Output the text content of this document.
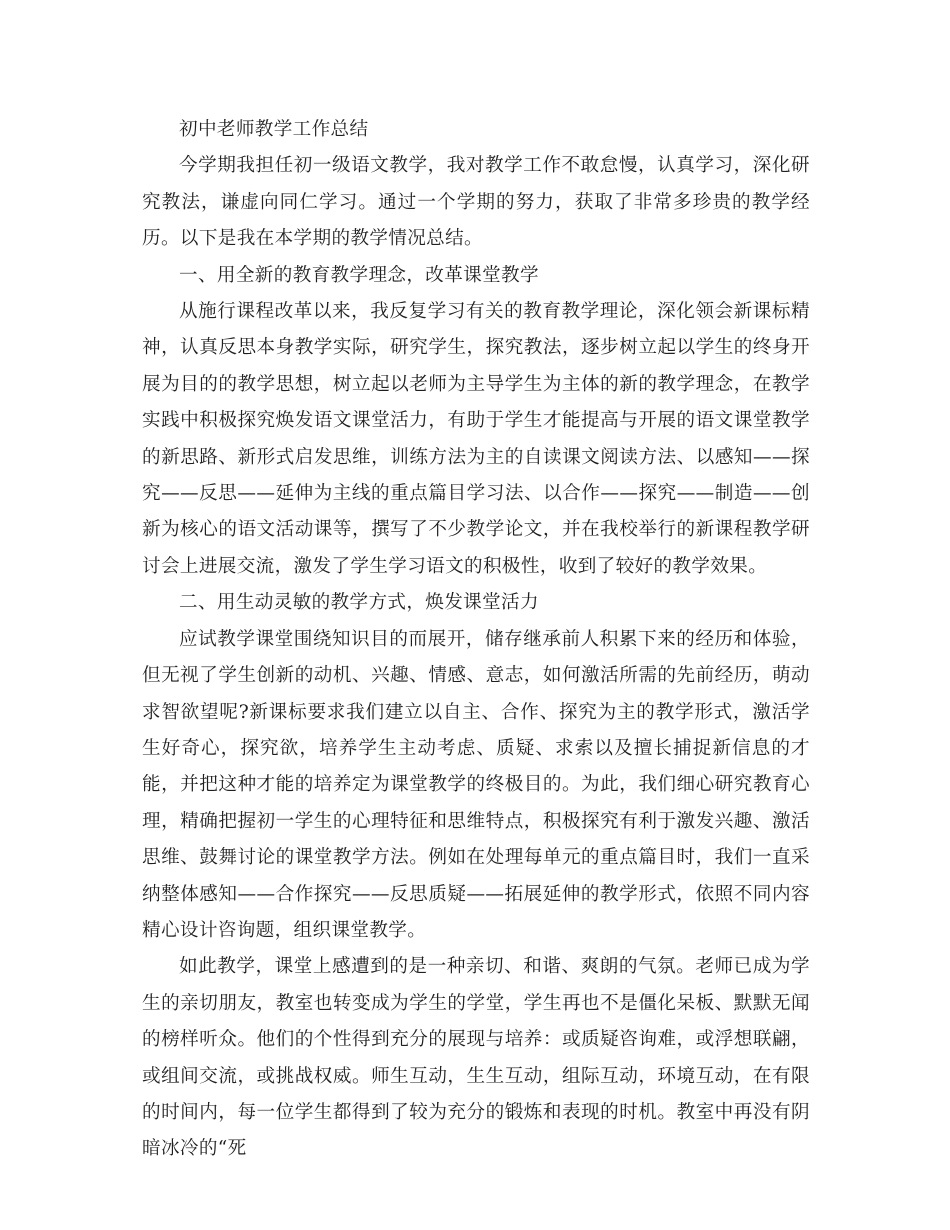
初中老师教学工作总结

今学期我担任初一级语文教学，我对教学工作不敢怠慢，认真学习，深化研究教法，谦虚向同仁学习。通过一个学期的努力，获取了非常多珍贵的教学经历。以下是我在本学期的教学情况总结。

一、用全新的教育教学理念，改革课堂教学

从施行课程改革以来，我反复学习有关的教育教学理论，深化领会新课标精神，认真反思本身教学实际，研究学生，探究教法，逐步树立起以学生的终身开展为目的的教学思想，树立起以老师为主导学生为主体的新的教学理念，在教学实践中积极探究焕发语文课堂活力，有助于学生才能提高与开展的语文课堂教学的新思路、新形式启发思维，训练方法为主的自读课文阅读方法、以感知——探究——反思——延伸为主线的重点篇目学习法、以合作——探究——制造——创新为核心的语文活动课等，撰写了不少教学论文，并在我校举行的新课程教学研讨会上进展交流，激发了学生学习语文的积极性，收到了较好的教学效果。

二、用生动灵敏的教学方式，焕发课堂活力

应试教学课堂围绕知识目的而展开，储存继承前人积累下来的经历和体验，但无视了学生创新的动机、兴趣、情感、意志，如何激活所需的先前经历，萌动求智欲望呢?新课标要求我们建立以自主、合作、探究为主的教学形式，激活学生好奇心，探究欲，培养学生主动考虑、质疑、求索以及擅长捕捉新信息的才能，并把这种才能的培养定为课堂教学的终极目的。为此，我们细心研究教育心理，精确把握初一学生的心理特征和思维特点，积极探究有利于激发兴趣、激活思维、鼓舞讨论的课堂教学方法。例如在处理每单元的重点篇目时，我们一直采纳整体感知——合作探究——反思质疑——拓展延伸的教学形式，依照不同内容精心设计咨询题，组织课堂教学。

如此教学，课堂上感遭到的是一种亲切、和谐、爽朗的气氛。老师已成为学生的亲切朋友，教室也转变成为学生的学堂，学生再也不是僵化呆板、默默无闻的榜样听众。他们的个性得到充分的展现与培养：或质疑咨询难，或浮想联翩，或组间交流，或挑战权威。师生互动，生生互动，组际互动，环境互动，在有限的时间内，每一位学生都得到了较为充分的锻炼和表现的时机。教室中再没有阴暗冰冷的“死
